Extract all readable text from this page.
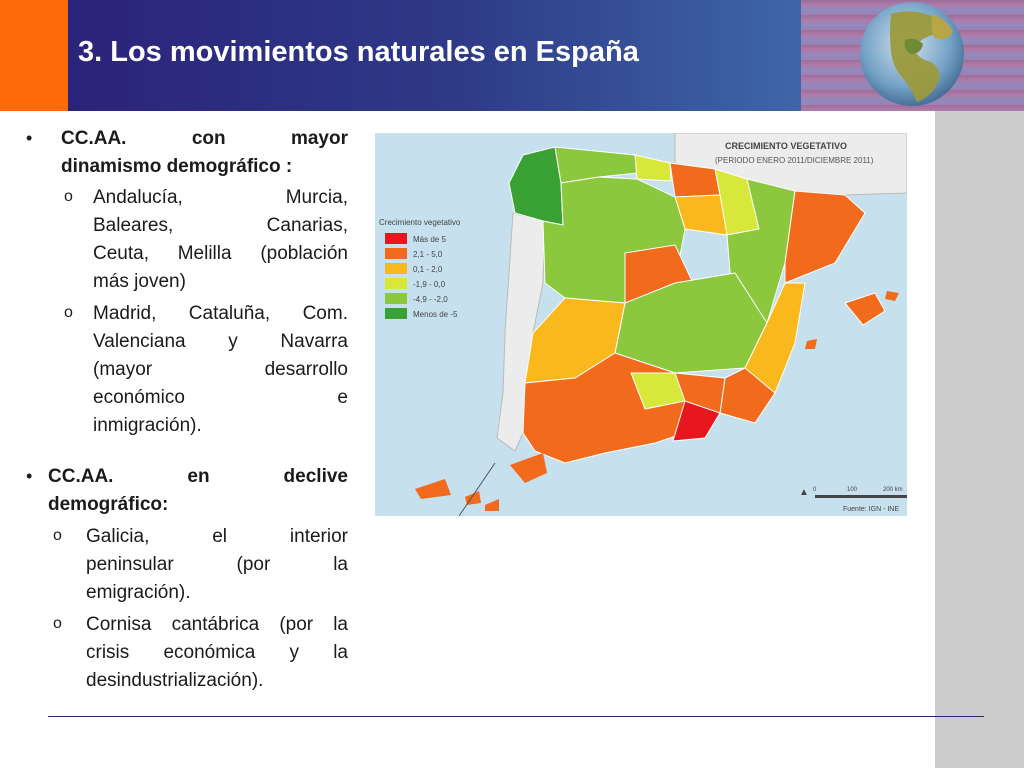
3. Los movimientos naturales en España
• CC.AA.	con	mayor
dinamismo demográfico :
o Andalucía,	Murcia,
Baleares,	Canarias,
Ceuta, Melilla (población
más joven)
o Madrid, Cataluña, Com.
Valenciana y Navarra
(mayor	desarrollo
económico	e
inmigración).
• CC.AA.	en	declive
demográfico:
o Galicia,	el	interior
peninsular	(por	la
emigración).
o Cornisa cantábrica (por la
crisis económica y la
desindustrialización).
CRECIMIENTO VEGETATIVO
(PERIODO ENERO 2011/DICIEMBRE 2011)
Crecimiento vegetativo
Más de 5
2,1 - 5,0
0,1 - 2,0
-1,9 - 0,0
-4,9 - -2,0
Menos de -5
▲ 0	100	200 km
Fuente: IGN - INE
